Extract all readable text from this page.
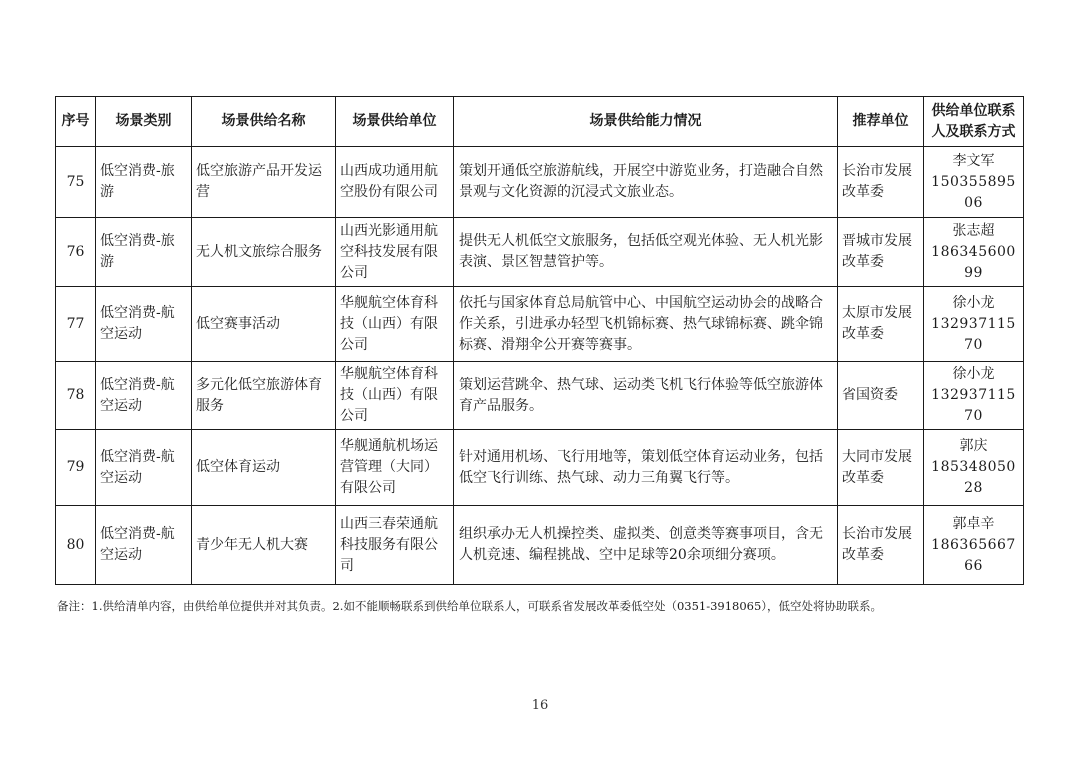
序号	场景类别	场景供给名称	场景供给单位	场景供给能力情况	推荐单位	供给单位联系人及联系方式
75	低空消费-旅游	低空旅游产品开发运营	山西成功通用航空股份有限公司	策划开通低空旅游航线，开展空中游览业务，打造融合自然景观与文化资源的沉浸式文旅业态。	长治市发展改革委	李文军
15035589506

76	低空消费-旅游	无人机文旅综合服务	山西光影通用航空科技发展有限公司	提供无人机低空文旅服务，包括低空观光体验、无人机光影表演、景区智慧管护等。	晋城市发展改革委	张志超
18634560099

77	低空消费-航空运动	低空赛事活动	华舰航空体育科技（山西）有限公司	依托与国家体育总局航管中心、中国航空运动协会的战略合作关系，引进承办轻型飞机锦标赛、热气球锦标赛、跳伞锦标赛、滑翔伞公开赛等赛事。	太原市发展改革委	徐小龙
13293711570

78	低空消费-航空运动	多元化低空旅游体育服务	华舰航空体育科技（山西）有限公司	策划运营跳伞、热气球、运动类飞机飞行体验等低空旅游体育产品服务。	省国资委	徐小龙
13293711570

79	低空消费-航空运动	低空体育运动	华舰通航机场运营管理（大同）有限公司	针对通用机场、飞行用地等，策划低空体育运动业务，包括低空飞行训练、热气球、动力三角翼飞行等。	大同市发展改革委	郭庆
18534805028

80	低空消费-航空运动	青少年无人机大赛	山西三春荣通航科技服务有限公司	组织承办无人机操控类、虚拟类、创意类等赛事项目，含无人机竞速、编程挑战、空中足球等20余项细分赛项。	长治市发展改革委	郭卓辛
18636566766
备注：1.供给清单内容，由供给单位提供并对其负责。2.如不能顺畅联系到供给单位联系人，可联系省发展改革委低空处（0351-3918065），低空处将协助联系。
16
